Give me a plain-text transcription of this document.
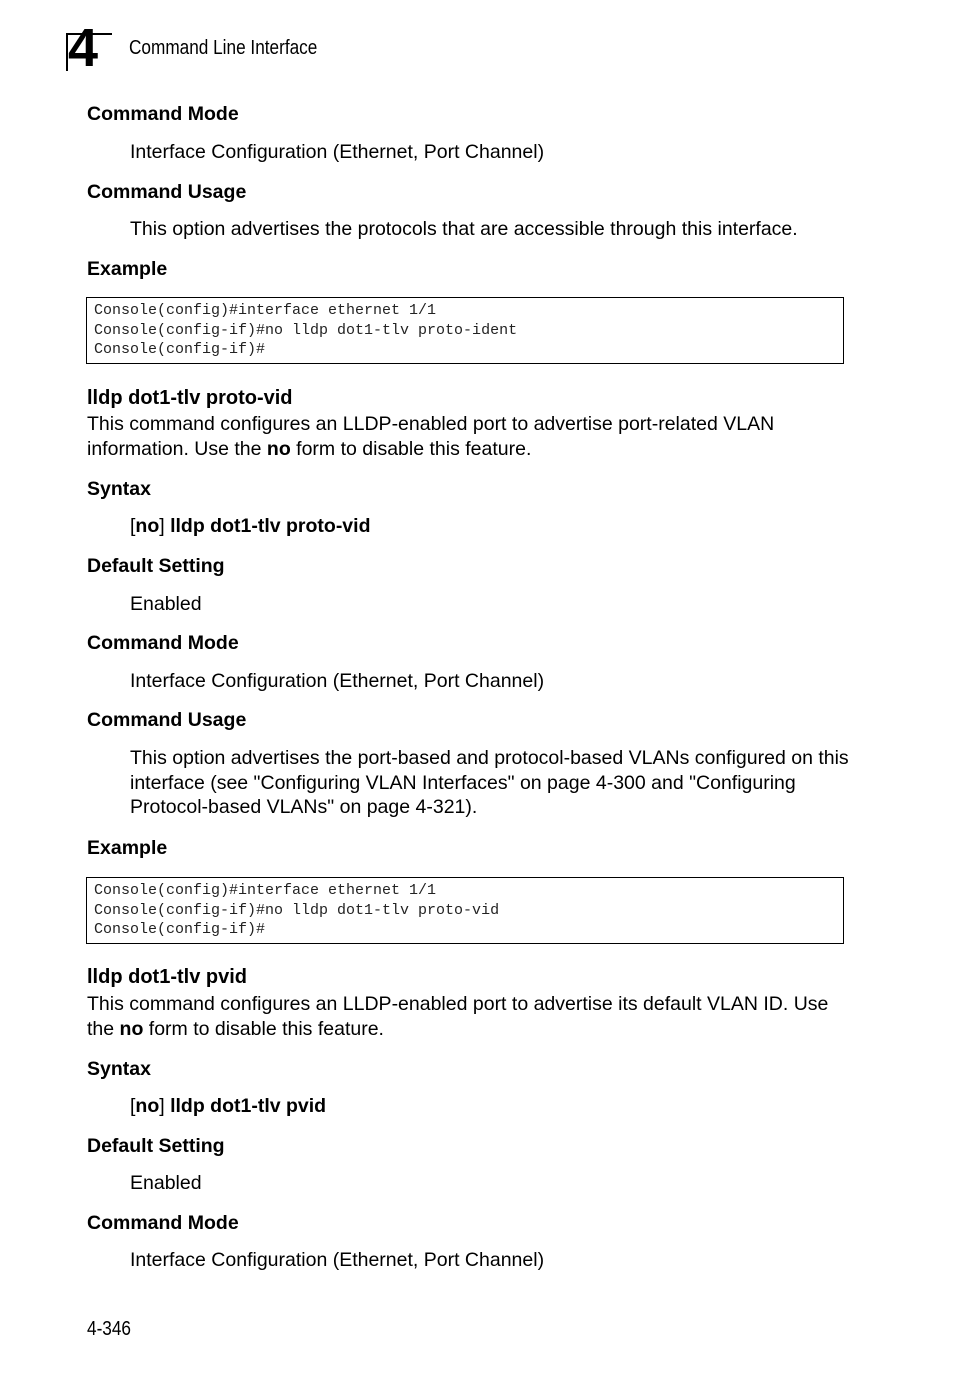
4 Command Line Interface
Command Mode
Interface Configuration (Ethernet, Port Channel)
Command Usage
This option advertises the protocols that are accessible through this interface.
Example
Console(config)#interface ethernet 1/1
Console(config-if)#no lldp dot1-tlv proto-ident
Console(config-if)#
lldp dot1-tlv proto-vid
This command configures an LLDP-enabled port to advertise port-related VLAN information. Use the no form to disable this feature.
Syntax
[no] lldp dot1-tlv proto-vid
Default Setting
Enabled
Command Mode
Interface Configuration (Ethernet, Port Channel)
Command Usage
This option advertises the port-based and protocol-based VLANs configured on this interface (see "Configuring VLAN Interfaces" on page 4-300 and "Configuring Protocol-based VLANs" on page 4-321).
Example
Console(config)#interface ethernet 1/1
Console(config-if)#no lldp dot1-tlv proto-vid
Console(config-if)#
lldp dot1-tlv pvid
This command configures an LLDP-enabled port to advertise its default VLAN ID. Use the no form to disable this feature.
Syntax
[no] lldp dot1-tlv pvid
Default Setting
Enabled
Command Mode
Interface Configuration (Ethernet, Port Channel)
4-346
